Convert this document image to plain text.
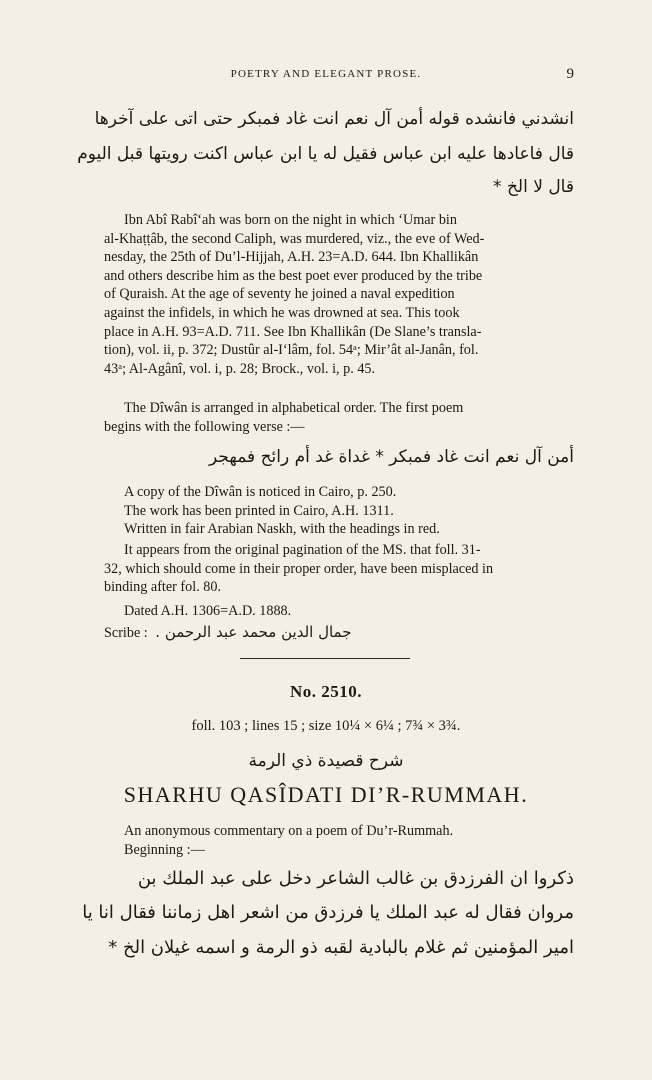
POETRY AND ELEGANT PROSE.	9
انشدني فانشده قوله أمن آل نعم انت غاد فمبكر حتى اتى على آخرها
قال فاعادها عليه ابن عباس فقيل له يا ابن عباس اكنت رويتها قبل اليوم
قال لا الخ *

Ibn Abî Rabî‘ah was born on the night in which ‘Umar bin
al-Khaṭṭâb, the second Caliph, was murdered, viz., the eve of Wed-
nesday, the 25th of Du’l-Hijjah, A.H. 23=A.D. 644. Ibn Khallikân
and others describe him as the best poet ever produced by the tribe
of Quraish. At the age of seventy he joined a naval expedition
against the infidels, in which he was drowned at sea. This took
place in A.H. 93=A.D. 711. See Ibn Khallikân (De Slane’s transla-
tion), vol. ii, p. 372; Dustûr al-I‘lâm, fol. 54ᵃ; Mir’ât al-Janân, fol.
43ᵃ; Al-Agânî, vol. i, p. 28; Brock., vol. i, p. 45.

The Dîwân is arranged in alphabetical order. The first poem
begins with the following verse :—
أمن آل نعم انت غاد فمبكر * غداة غد أم رائح فمهجر
A copy of the Dîwân is noticed in Cairo, p. 250.
The work has been printed in Cairo, A.H. 1311.
Written in fair Arabian Naskh, with the headings in red.
It appears from the original pagination of the MS. that foll. 31-
32, which should come in their proper order, have been misplaced in
binding after fol. 80.
Dated A.H. 1306=A.D. 1888.
Scribe : جمال الدين محمد عبد الرحمن .
No. 2510.
foll. 103 ; lines 15 ; size 10¼ × 6¼ ; 7¾ × 3¾.
شرح قصيدة ذي الرمة
SHARHU QASÎDATI DI’R-RUMMAH.
An anonymous commentary on a poem of Du’r-Rummah.
Beginning :—
ذكروا ان الفرزدق بن غالب الشاعر دخل على عبد الملك بن
مروان فقال له عبد الملك يا فرزدق من اشعر اهل زماننا فقال انا يا
امير المؤمنين ثم غلام بالبادية لقبه ذو الرمة و اسمه غيلان الخ *
